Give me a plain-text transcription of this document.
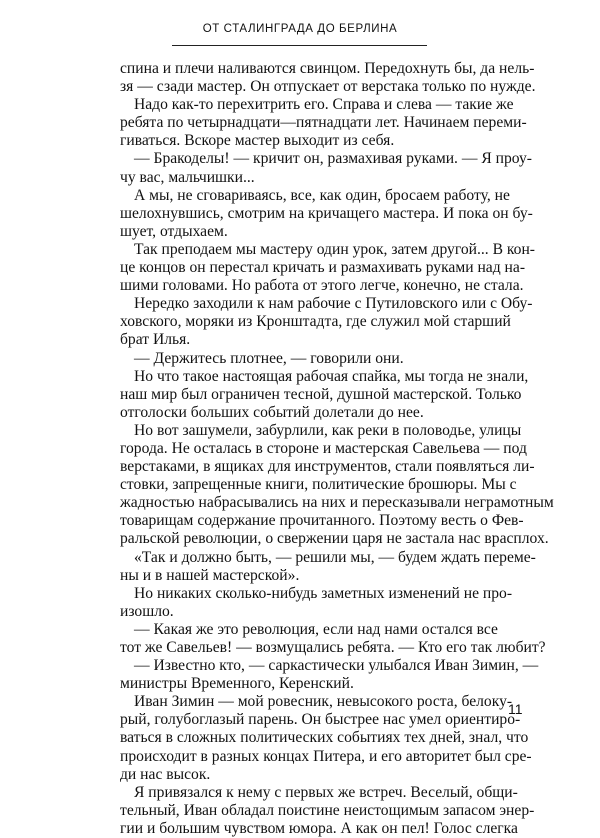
ОТ СТАЛИНГРАДА ДО БЕРЛИНА
спина и плечи наливаются свинцом. Передохнуть бы, да нель-
зя — сзади мастер. Он отпускает от верстака только по нужде.
Надо как-то перехитрить его. Справа и слева — такие же
ребята по четырнадцати—пятнадцати лет. Начинаем переми-
гиваться. Вскоре мастер выходит из себя.
— Бракоделы! — кричит он, размахивая руками. — Я проу-
чу вас, мальчишки...
А мы, не сговариваясь, все, как один, бросаем работу, не
шелохнувшись, смотрим на кричащего мастера. И пока он бу-
шует, отдыхаем.
Так преподаем мы мастеру один урок, затем другой... В кон-
це концов он перестал кричать и размахивать руками над на-
шими головами. Но работа от этого легче, конечно, не стала.
Нередко заходили к нам рабочие с Путиловского или с Обу-
ховского, моряки из Кронштадта, где служил мой старший
брат Илья.
— Держитесь плотнее, — говорили они.
Но что такое настоящая рабочая спайка, мы тогда не знали,
наш мир был ограничен тесной, душной мастерской. Только
отголоски больших событий долетали до нее.
Но вот зашумели, забурлили, как реки в половодье, улицы
города. Не осталась в стороне и мастерская Савельева — под
верстаками, в ящиках для инструментов, стали появляться ли-
стовки, запрещенные книги, политические брошюры. Мы с
жадностью набрасывались на них и пересказывали неграмотным
товарищам содержание прочитанного. Поэтому весть о Фев-
ральской революции, о свержении царя не застала нас врасплох.
«Так и должно быть, — решили мы, — будем ждать переме-
ны и в нашей мастерской».
Но никаких сколько-нибудь заметных изменений не про-
изошло.
— Какая же это революция, если над нами остался все
тот же Савельев! — возмущались ребята. — Кто его так любит?
— Известно кто, — саркастически улыбался Иван Зимин, —
министры Временного, Керенский.
Иван Зимин — мой ровесник, невысокого роста, белоку-
рый, голубоглазый парень. Он быстрее нас умел ориентиро-
ваться в сложных политических событиях тех дней, знал, что
происходит в разных концах Питера, и его авторитет был сре-
ди нас высок.
Я привязался к нему с первых же встреч. Веселый, общи-
тельный, Иван обладал поистине неистощимым запасом энер-
гии и большим чувством юмора. А как он пел! Голос слегка
11
